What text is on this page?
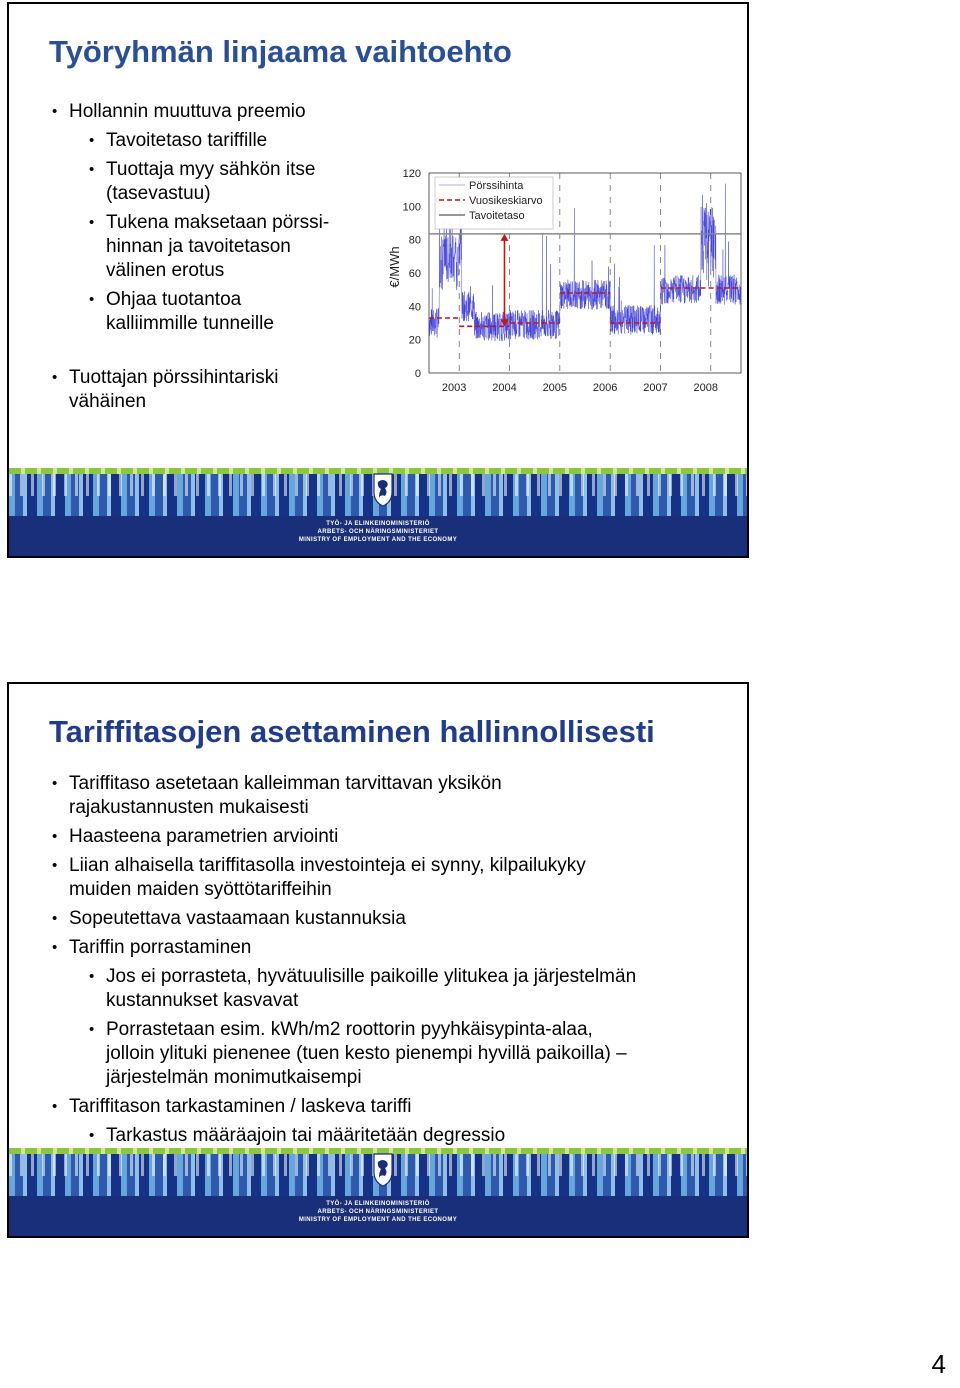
Työryhmän linjaama vaihtoehto
• Hollannin muuttuva preemio
• Tavoitetaso tariffille
• Tuottaja myy sähkön itse
(tasevastuu)
• Tukena maksetaan pörssi-
hinnan ja tavoitetason
välinen erotus
• Ohjaa tuotantoa
kalliimmille tunneille
• Tuottajan pörssihintariski
vähäinen
0
20
40
60
80
100
120
2003 2004 2005 2006 2007 2008
€/MWh
Pörssihinta
Vuosikeskiarvo
Tavoitetaso
TYÖ- JA ELINKEINOMINISTERIÖ
ARBETS- OCH NÄRINGSMINISTERIET
MINISTRY OF EMPLOYMENT AND THE ECONOMY
Tariffitasojen asettaminen hallinnollisesti
• Tariffitaso asetetaan kalleimman tarvittavan yksikön
rajakustannusten mukaisesti
• Haasteena parametrien arviointi
• Liian alhaisella tariffitasolla investointeja ei synny, kilpailukyky
muiden maiden syöttötariffeihin
• Sopeutettava vastaamaan kustannuksia
• Tariffin porrastaminen
• Jos ei porrasteta, hyvätuulisille paikoille ylitukea ja järjestelmän
kustannukset kasvavat
• Porrastetaan esim. kWh/m2 roottorin pyyhkäisypinta-alaa,
jolloin ylituki pienenee (tuen kesto pienempi hyvillä paikoilla) –
järjestelmän monimutkaisempi
• Tariffitason tarkastaminen / laskeva tariffi
• Tarkastus määräajoin tai määritetään degressio
TYÖ- JA ELINKEINOMINISTERIÖ
ARBETS- OCH NÄRINGSMINISTERIET
MINISTRY OF EMPLOYMENT AND THE ECONOMY
4
